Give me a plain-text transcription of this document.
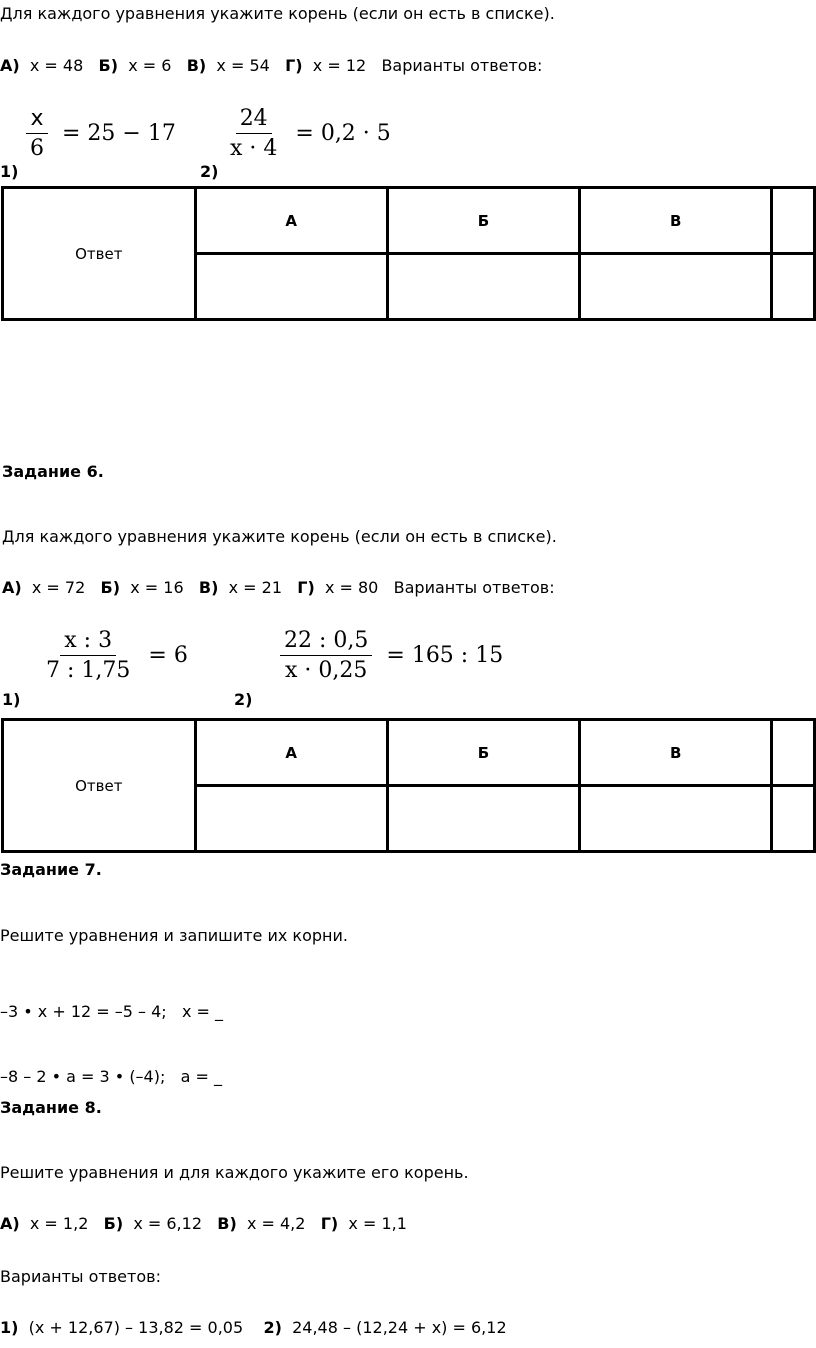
Для каждого уравнения укажите корень (если он есть в списке).
А) x = 48 Б) x = 6 В) x = 54 Г) x = 12 Варианты ответов:
1)
$\frac{x}{6} = 25 - 17$
2)
$\frac{24}{x \cdot 4} = 0,2 \cdot 5$
Ответ	А	Б	В	

Задание 6.
Для каждого уравнения укажите корень (если он есть в списке).
А) x = 72 Б) x = 16 В) x = 21 Г) x = 80 Варианты ответов:
1)
$\frac{x : 3}{7 : 1,75} = 6$
2)
$\frac{22 : 0,5}{x \cdot 0,25} = 165$ : 15
Ответ	А	Б	В	

Задание 7.
Решите уравнения и запишите их корни.
–3 • x + 12 = –5 – 4;   x = _
–8 – 2 • a = 3 • (–4);   a = _
Задание 8.
Решите уравнения и для каждого укажите его корень.
А) x = 1,2 Б) x = 6,12 В) x = 4,2 Г) x = 1,1
Варианты ответов:
1) (x + 12,67) – 13,82 = 0,05 2) 24,48 – (12,24 + x) = 6,12
